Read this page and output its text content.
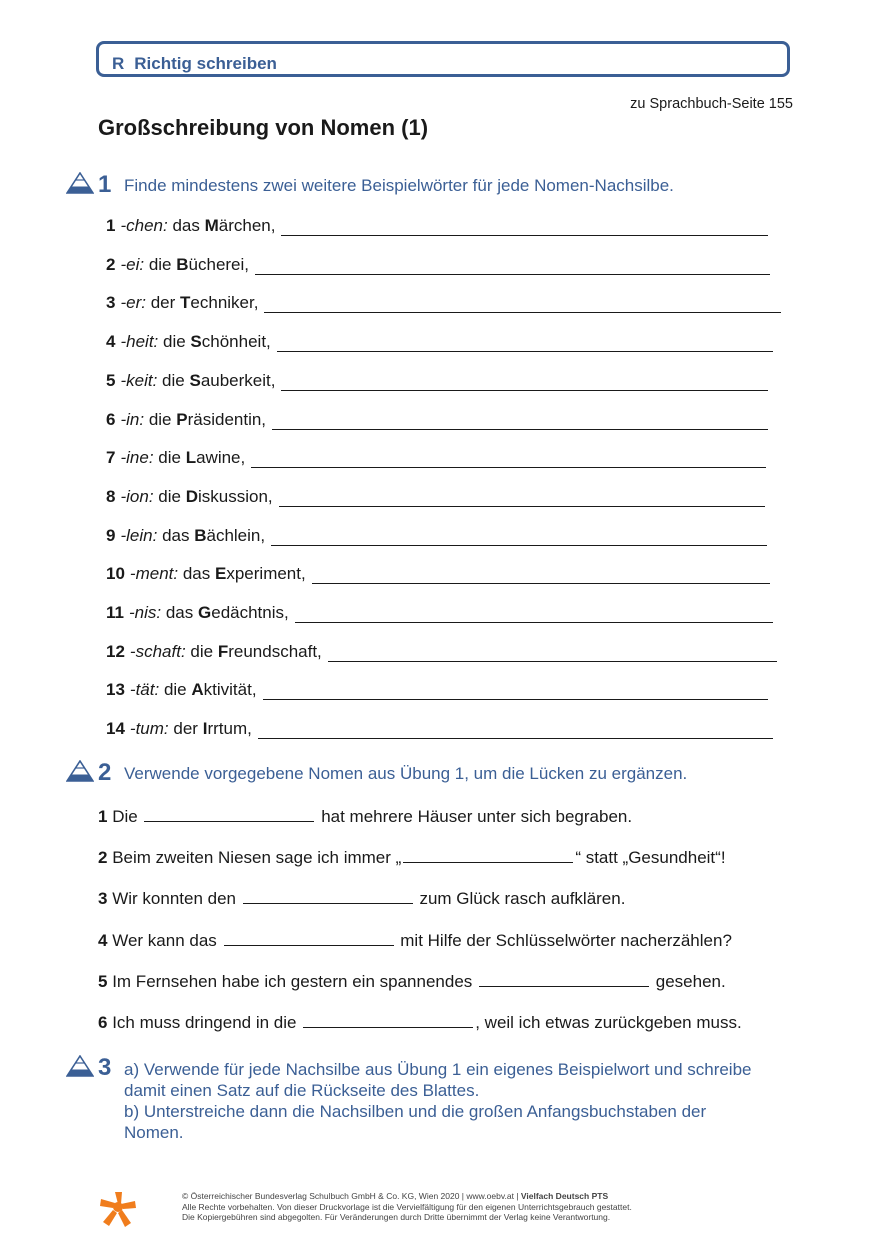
R Richtig schreiben
zu Sprachbuch-Seite 155
Großschreibung von Nomen (1)
1 Finde mindestens zwei weitere Beispielwörter für jede Nomen-Nachsilbe.
1 -chen: das Märchen,
2 -ei: die Bücherei,
3 -er: der Techniker,
4 -heit: die Schönheit,
5 -keit: die Sauberkeit,
6 -in: die Präsidentin,
7 -ine: die Lawine,
8 -ion: die Diskussion,
9 -lein: das Bächlein,
10 -ment: das Experiment,
11 -nis: das Gedächtnis,
12 -schaft: die Freundschaft,
13 -tät: die Aktivität,
14 -tum: der Irrtum,
2 Verwende vorgegebene Nomen aus Übung 1, um die Lücken zu ergänzen.
1 Die	hat mehrere Häuser unter sich begraben.
2 Beim zweiten Niesen sage ich immer „	“ statt „Gesundheit“!
3 Wir konnten den	zum Glück rasch aufklären.
4 Wer kann das	mit Hilfe der Schlüsselwörter nacherzählen?
5 Im Fernsehen habe ich gestern ein spannendes	gesehen.
6 Ich muss dringend in die	, weil ich etwas zurückgeben muss.
3 a) Verwende für jede Nachsilbe aus Übung 1 ein eigenes Beispielwort und schreibe
damit einen Satz auf die Rückseite des Blattes.
b) Unterstreiche dann die Nachsilben und die großen Anfangsbuchstaben der
Nomen.
© Österreichischer Bundesverlag Schulbuch GmbH & Co. KG, Wien 2020 | www.oebv.at | Vielfach Deutsch PTS
Alle Rechte vorbehalten. Von dieser Druckvorlage ist die Vervielfältigung für den eigenen Unterrichtsgebrauch gestattet.
Die Kopiergebühren sind abgegolten. Für Veränderungen durch Dritte übernimmt der Verlag keine Verantwortung.
